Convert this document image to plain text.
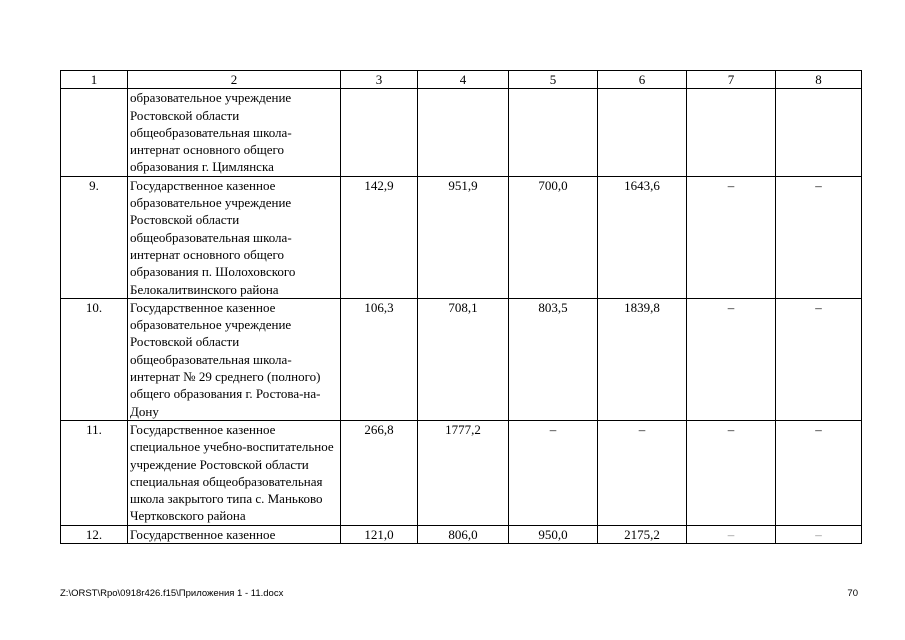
1	2	3	4	5	6	7	8
	образовательное учреждение Ростовской области общеобразовательная школа-интернат основного общего образования г. Цимлянска						
9.	Государственное казенное образовательное учреждение Ростовской области общеобразовательная школа-интернат основного общего образования п. Шолоховского Белокалитвинского района	142,9	951,9	700,0	1643,6	–	–
10.	Государственное казенное образовательное учреждение Ростовской области общеобразовательная школа-интернат № 29 среднего (полного) общего образования г. Ростова-на-Дону	106,3	708,1	803,5	1839,8	–	–
11.	Государственное казенное специальное учебно-воспитательное учреждение Ростовской области специальная общеобразовательная школа закрытого типа с. Маньково Чертковского района	266,8	1777,2	–	–	–	–
12.	Государственное казенное	121,0	806,0	950,0	2175,2	–	–
Z:\ORST\Rpo\0918r426.f15\Приложения 1 - 11.docx	70
